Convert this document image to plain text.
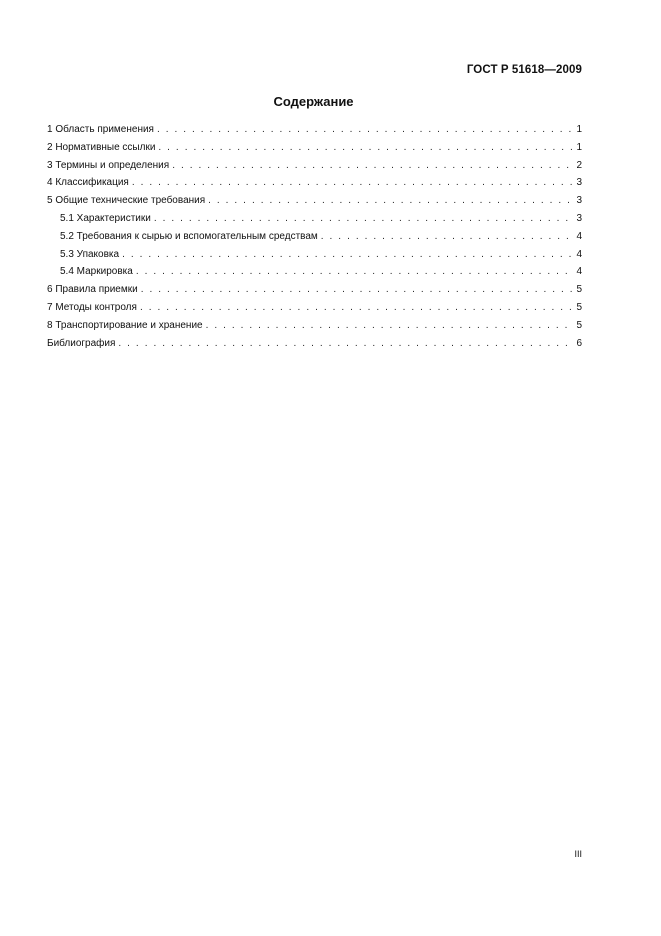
ГОСТ Р 51618—2009
Содержание
1 Область применения . . .	1
2 Нормативные ссылки . . .	1
3 Термины и определения . . .	2
4 Классификация . . .	3
5 Общие технические требования . . .	3
5.1 Характеристики . . .	3
5.2 Требования к сырью и вспомогательным средствам . . .	4
5.3 Упаковка . . .	4
5.4 Маркировка . . .	4
6 Правила приемки . . .	5
7 Методы контроля . . .	5
8 Транспортирование и хранение . . .	5
Библиография . . .	6
III
